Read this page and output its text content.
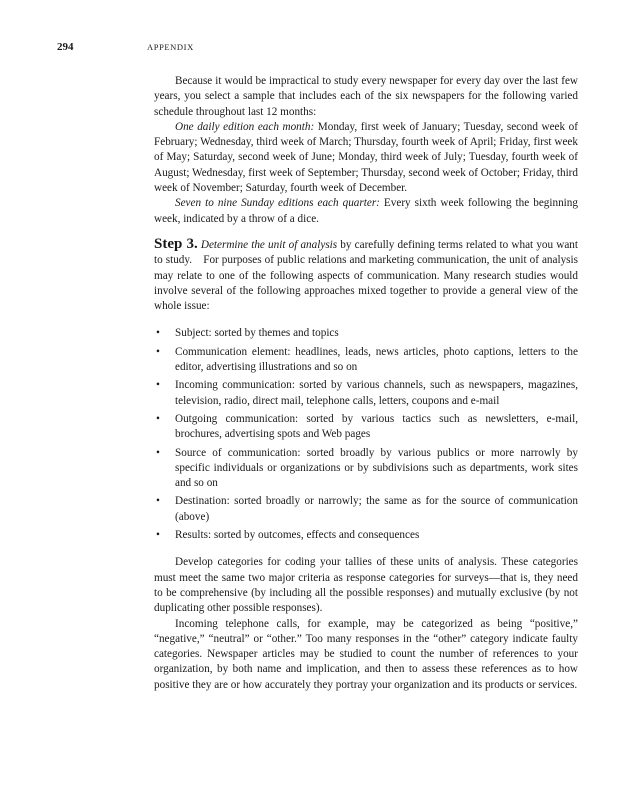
294	APPENDIX

Because it would be impractical to study every newspaper for every day over the last few years, you select a sample that includes each of the six newspapers for the following varied schedule throughout last 12 months:

One daily edition each month: Monday, first week of January; Tuesday, second week of February; Wednesday, third week of March; Thursday, fourth week of April; Friday, first week of May; Saturday, second week of June; Monday, third week of July; Tuesday, fourth week of August; Wednesday, first week of September; Thursday, second week of October; Friday, third week of November; Saturday, fourth week of December.

Seven to nine Sunday editions each quarter: Every sixth week following the beginning week, indicated by a throw of a dice.

Step 3. Determine the unit of analysis by carefully defining terms related to what you want to study. For purposes of public relations and marketing communication, the unit of analysis may relate to one of the following aspects of communication. Many research studies would involve several of the following approaches mixed together to provide a general view of the whole issue:

• Subject: sorted by themes and topics
• Communication element: headlines, leads, news articles, photo captions, letters to the editor, advertising illustrations and so on
• Incoming communication: sorted by various channels, such as newspapers, magazines, television, radio, direct mail, telephone calls, letters, coupons and e-mail
• Outgoing communication: sorted by various tactics such as newsletters, e-mail, brochures, advertising spots and Web pages
• Source of communication: sorted broadly by various publics or more narrowly by specific individuals or organizations or by subdivisions such as departments, work sites and so on
• Destination: sorted broadly or narrowly; the same as for the source of communication (above)
• Results: sorted by outcomes, effects and consequences

Develop categories for coding your tallies of these units of analysis. These categories must meet the same two major criteria as response categories for surveys—that is, they need to be comprehensive (by including all the possible responses) and mutually exclusive (by not duplicating other possible responses).

Incoming telephone calls, for example, may be categorized as being “positive,” “negative,” “neutral” or “other.” Too many responses in the “other” category indicate faulty categories. Newspaper articles may be studied to count the number of references to your organization, by both name and implication, and then to assess these references as to how positive they are or how accurately they portray your organization and its products or services.
